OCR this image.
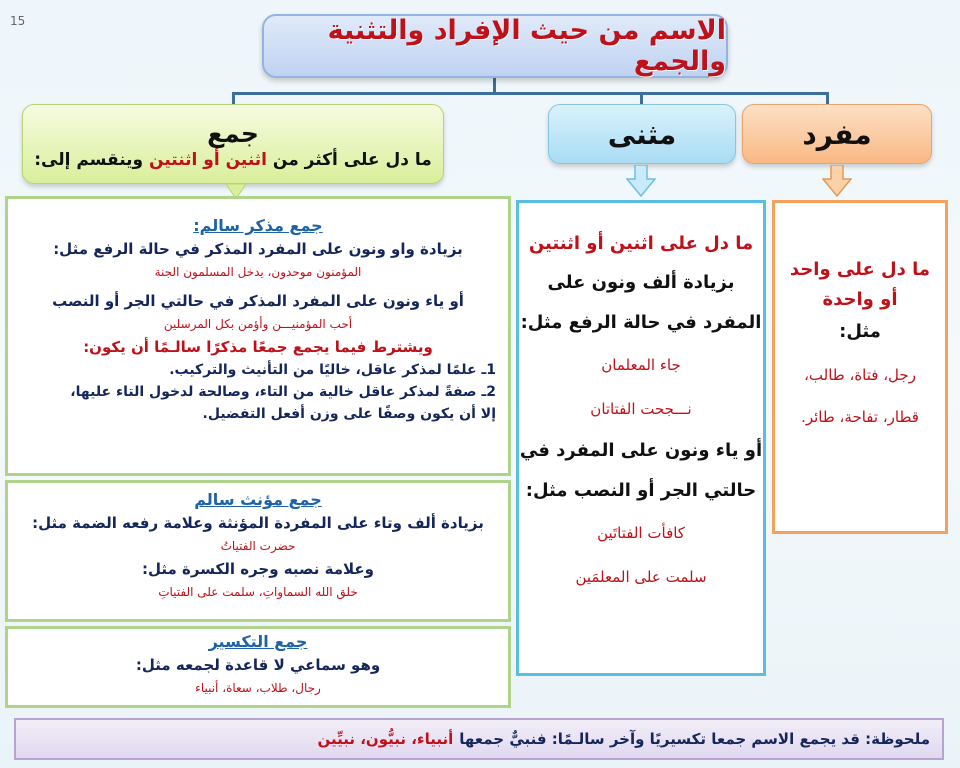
15	الاسم من حيث الإفراد والتثنية والجمع
مفرد
مثنى
جمع
ما دل على أكثر من اثنين أو اثنتين وينقسم إلى:
ما دل على واحد
أو واحدة
مثل:
رجل، فتاة، طالب،
قطار، تفاحة، طائر.
ما دل على اثنين أو اثنتين
بزيادة ألف ونون على
المفرد في حالة الرفع مثل:
جاء المعلمان
نـــجحت الفتاتان
أو ياء ونون على المفرد في
حالتي الجر أو النصب مثل:
كافأت الفتاتَين
سلمت على المعلمَين
جمع مذكر سالم:
بزيادة واو ونون على المفرد المذكر في حالة الرفع مثل:
المؤمنون موحدون، يدخل المسلمون الجنة
أو ياء ونون على المفرد المذكر في حالتي الجر أو النصب
أحب المؤمنيـــن وأؤمن بكل المرسلين
ويشترط فيما يجمع جمعًا مذكرًا سالـمًا أن يكون:
1ـ علمًا لمذكر عاقل، خاليًا من التأنيث والتركيب.
2ـ صفةً لمذكر عاقل خالية من التاء، وصالحة لدخول التاء عليها،
إلا أن يكون وصفًا على وزن أفعل التفضيل.
جمع مؤنث سالم
بزيادة ألف وتاء على المفردة المؤنثة وعلامة رفعه الضمة مثل:
حضرت الفتياتُ
وعلامة نصبه وجره الكسرة مثل:
خلق الله السماواتِ، سلمت على الفتياتِ
جمع التكسير
وهو سماعي لا قاعدة لجمعه مثل:
رجال، طلاب، سعاة، أنبياء
ملحوظة: قد يجمع الاسم جمعا تكسيريًا وآخر سالـمًا: فنبيٌّ جمعها
أنبياء، نبيُّون، نبيِّين
